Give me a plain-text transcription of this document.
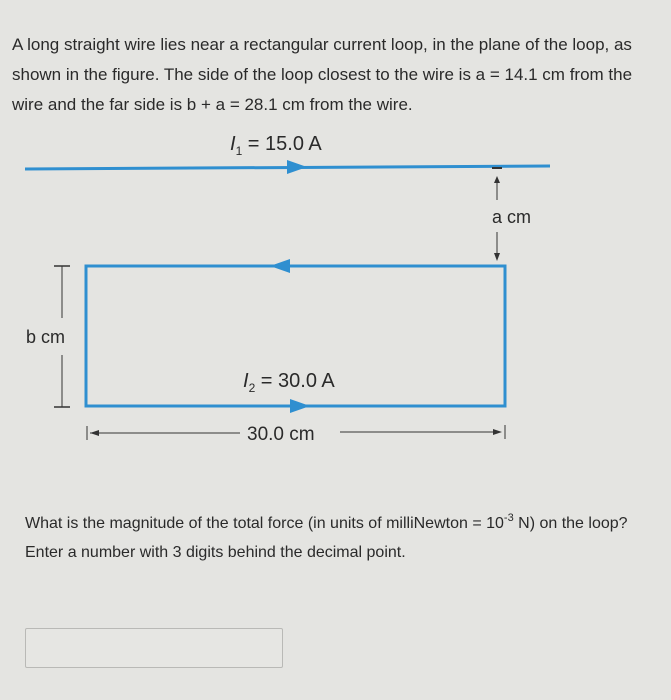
A long straight wire lies near a rectangular current loop, in the plane of the loop, as shown in the figure. The side of the loop closest to the wire is a = 14.1 cm from the wire and the far side is b + a = 28.1 cm from the wire.
$I_1 = 15.0$ A
a cm
b cm
$I_2 = 30.0$ A
30.0 cm
What is the magnitude of the total force (in units of milliNewton = $10^{-3}$ N) on the loop?
Enter a number with 3 digits behind the decimal point.
